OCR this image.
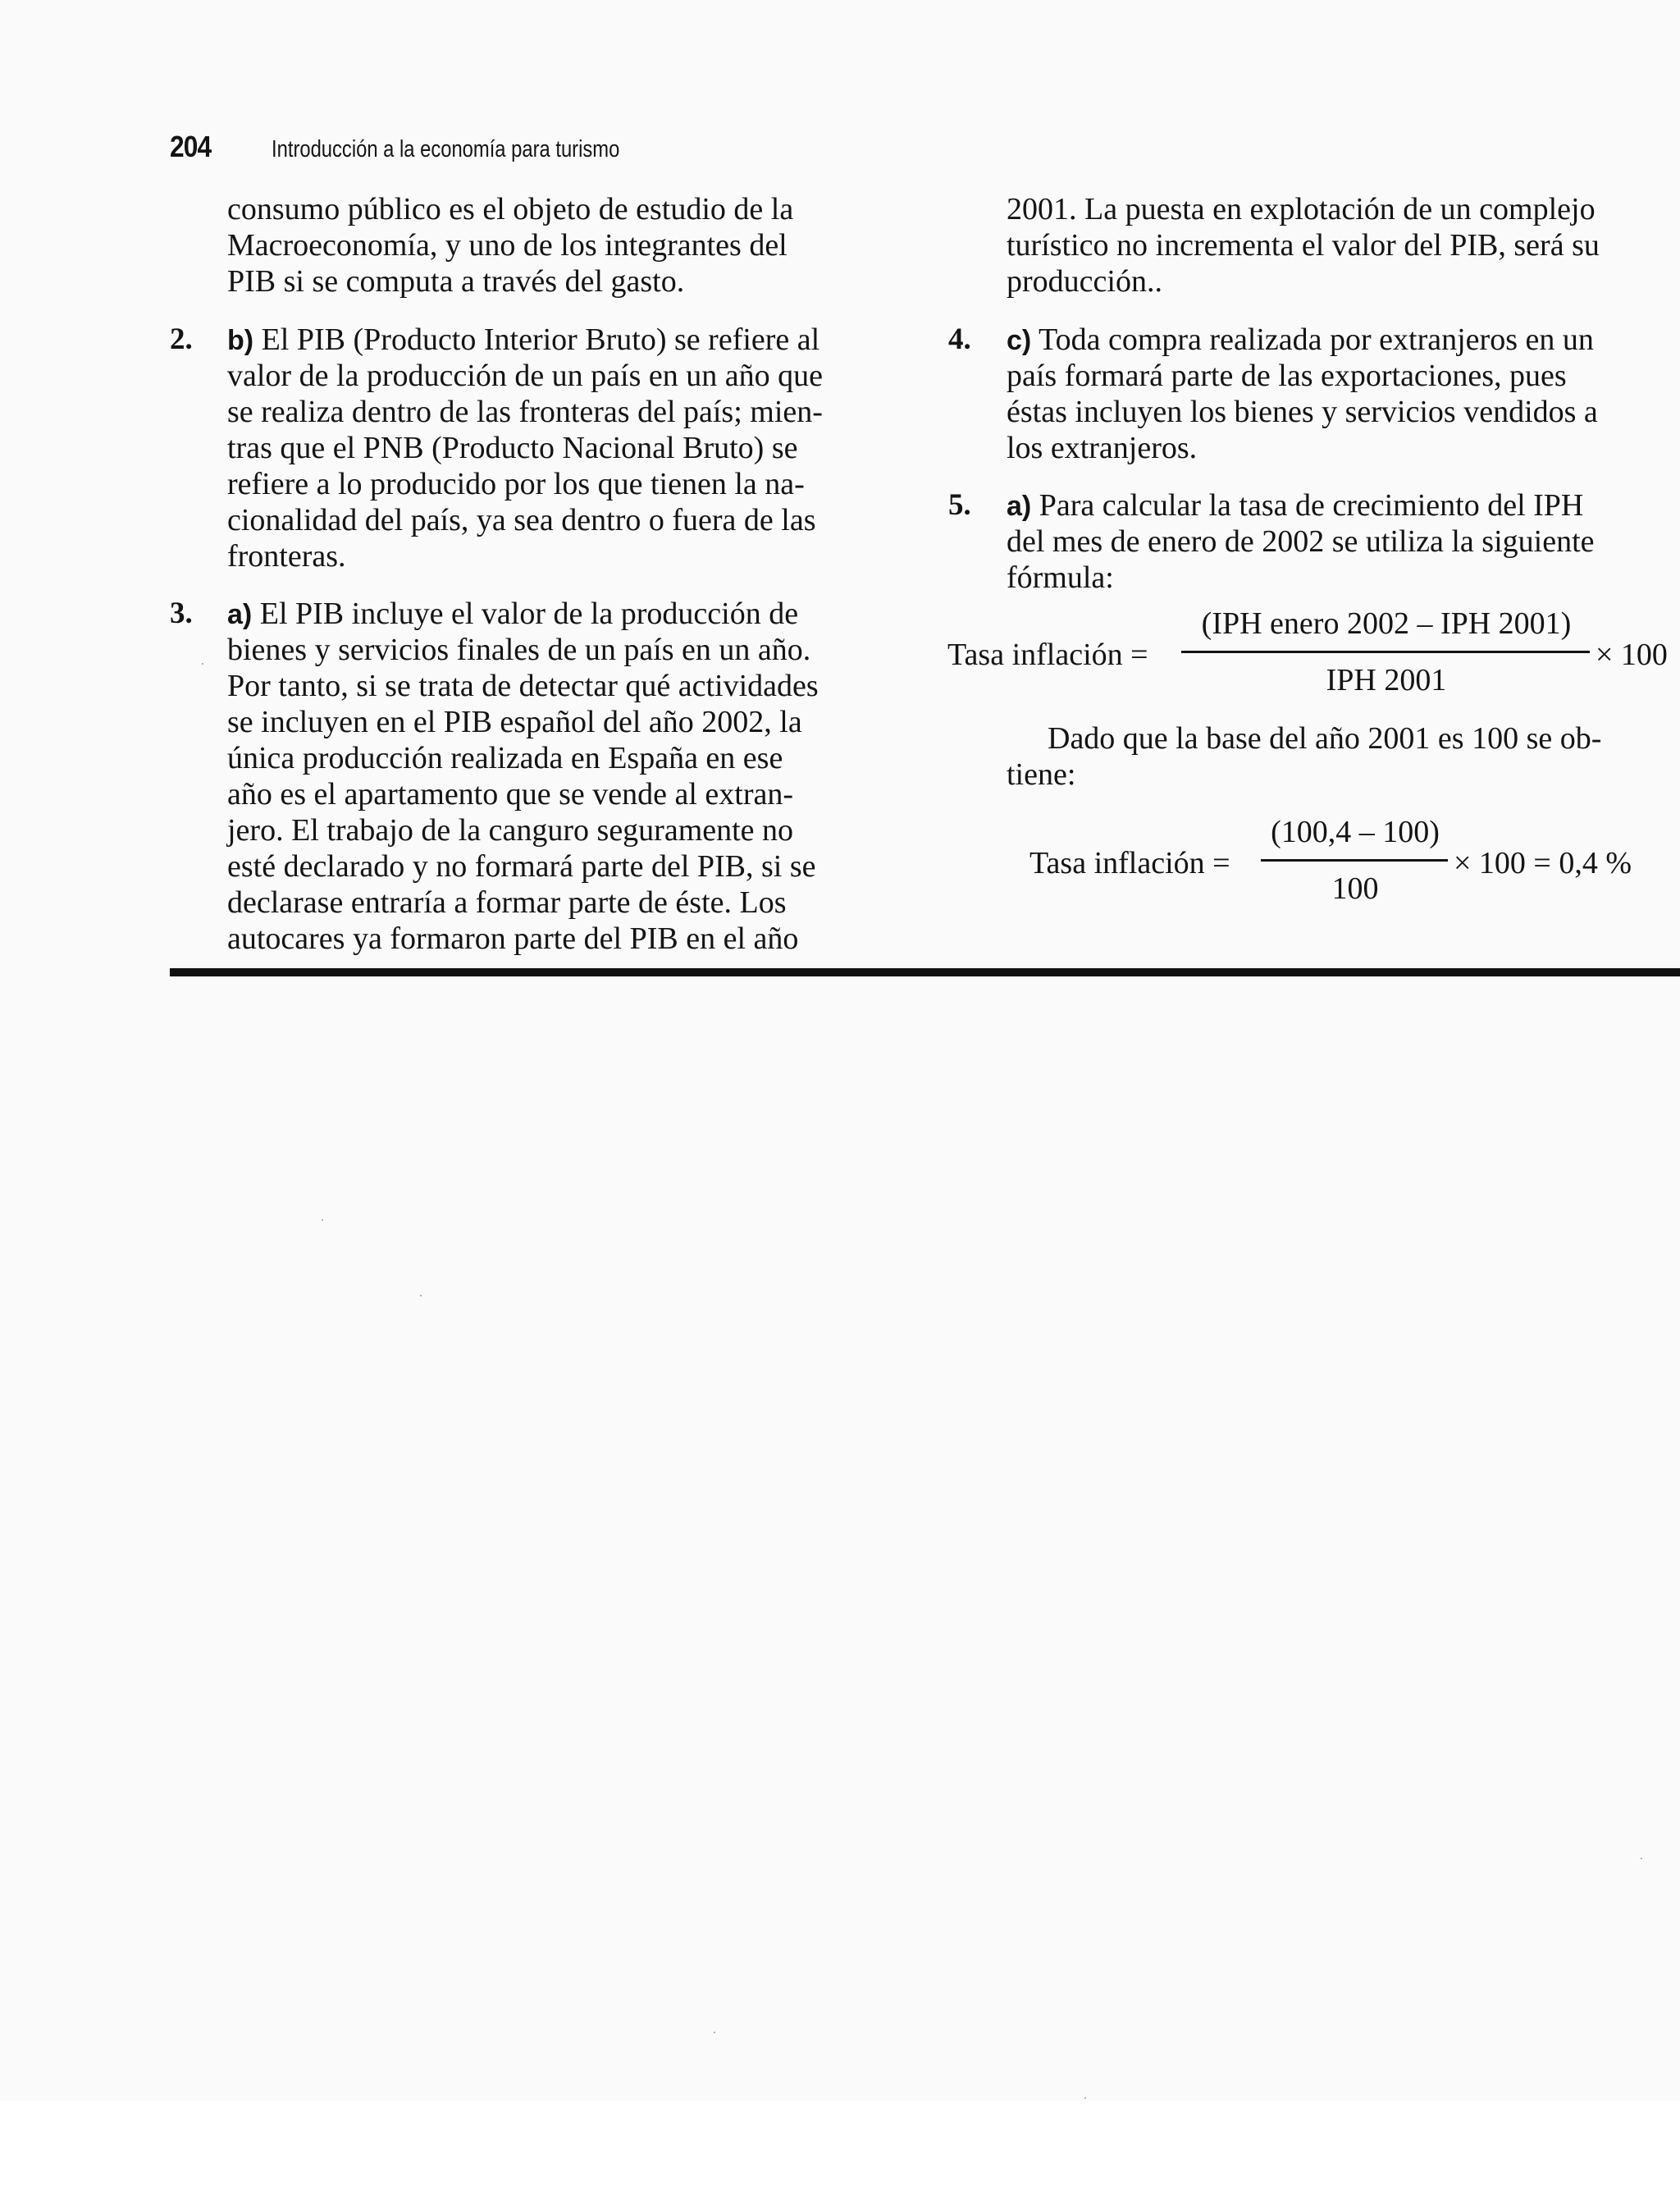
204	Introducción a la economía para turismo
consumo público es el objeto de estudio de la
Macroeconomía, y uno de los integrantes del
PIB si se computa a través del gasto.
2. b) El PIB (Producto Interior Bruto) se refiere al
valor de la producción de un país en un año que
se realiza dentro de las fronteras del país; mien-
tras que el PNB (Producto Nacional Bruto) se
refiere a lo producido por los que tienen la na-
cionalidad del país, ya sea dentro o fuera de las
fronteras.
3. a) El PIB incluye el valor de la producción de
bienes y servicios finales de un país en un año.
Por tanto, si se trata de detectar qué actividades
se incluyen en el PIB español del año 2002, la
única producción realizada en España en ese
año es el apartamento que se vende al extran-
jero. El trabajo de la canguro seguramente no
esté declarado y no formará parte del PIB, si se
declarase entraría a formar parte de éste. Los
autocares ya formaron parte del PIB en el año
2001. La puesta en explotación de un complejo
turístico no incrementa el valor del PIB, será su
producción..
4. c) Toda compra realizada por extranjeros en un
país formará parte de las exportaciones, pues
éstas incluyen los bienes y servicios vendidos a
los extranjeros.
5. a) Para calcular la tasa de crecimiento del IPH
del mes de enero de 2002 se utiliza la siguiente
fórmula:
Tasa inflación =
(IPH enero 2002 – IPH 2001)
IPH 2001
× 100
Dado que la base del año 2001 es 100 se ob-
tiene:
Tasa inflación =
(100,4 – 100)
100
× 100 = 0,4 %
